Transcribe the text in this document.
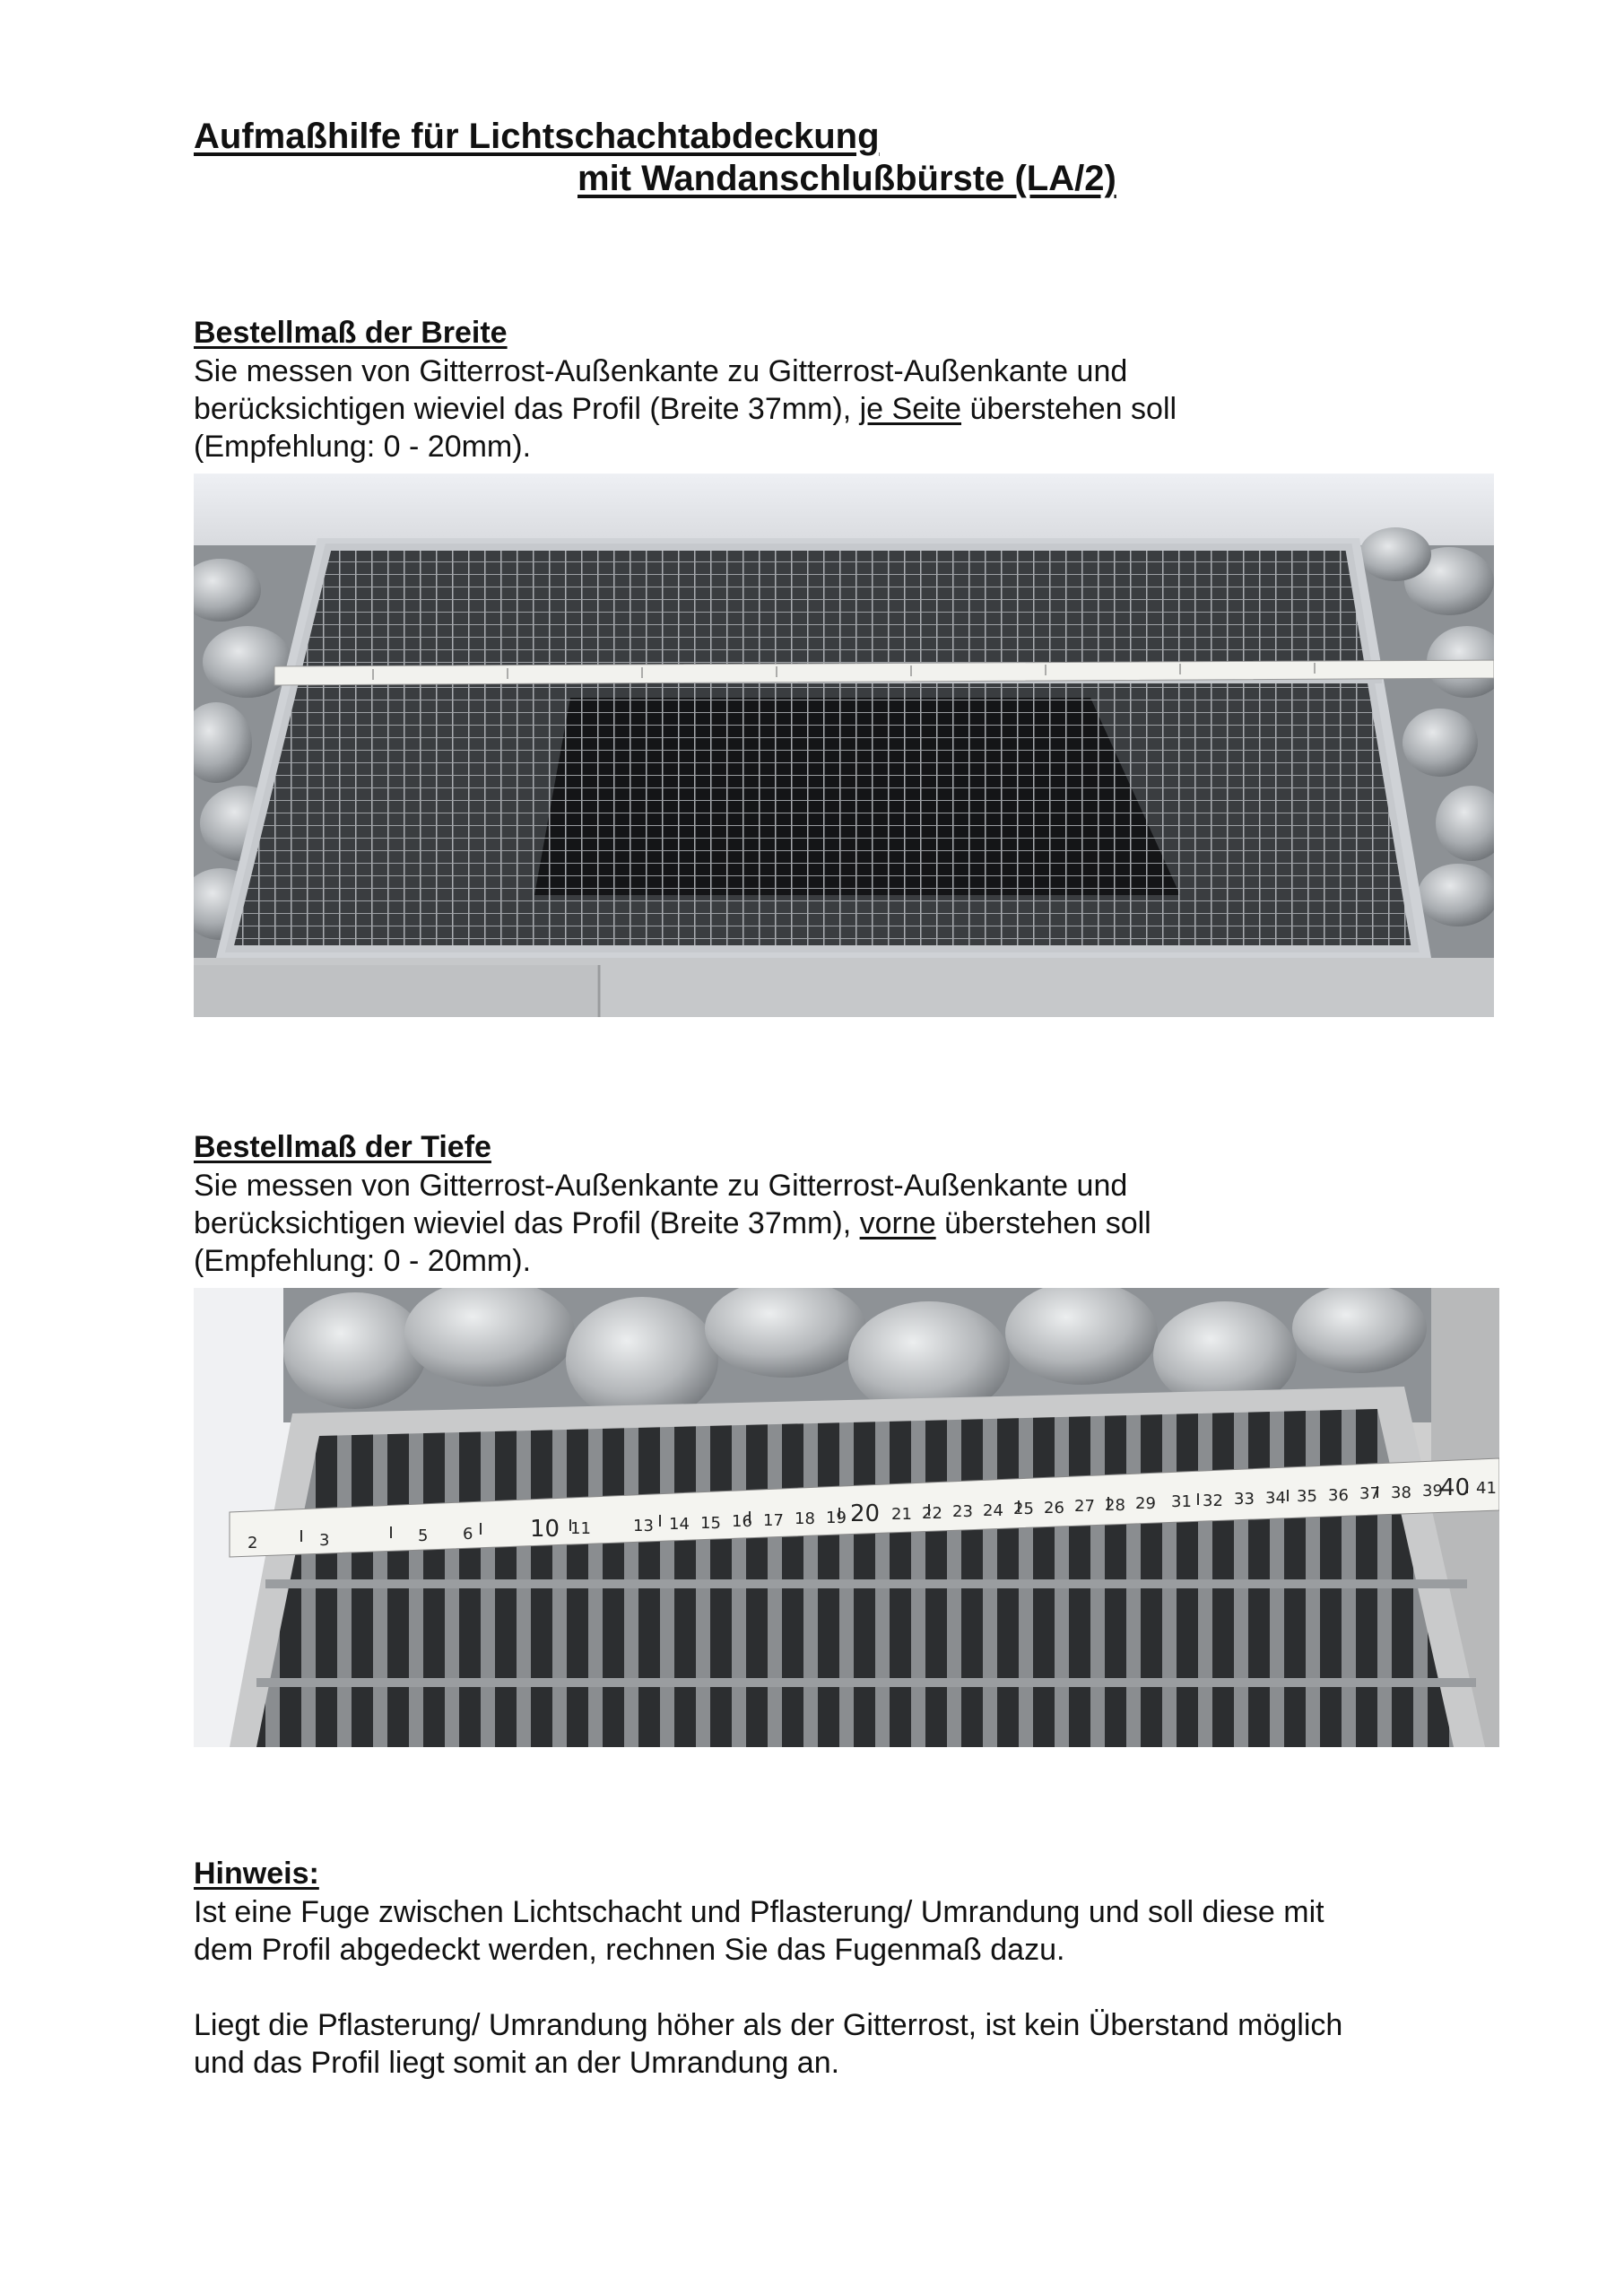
Aufmaßhilfe für Lichtschachtabdeckung
mit Wandanschlußbürste (LA/2)
Bestellmaß der Breite
Sie messen von Gitterrost-Außenkante zu Gitterrost-Außenkante und
berücksichtigen wieviel das Profil (Breite 37mm), je Seite überstehen soll
(Empfehlung: 0 - 20mm).
Bestellmaß der Tiefe
Sie messen von Gitterrost-Außenkante zu Gitterrost-Außenkante und
berücksichtigen wieviel das Profil (Breite 37mm), vorne überstehen soll
(Empfehlung: 0 - 20mm).
2	3	5 6 10 11	13 14 15 16 17 18 19 20 21 22 23 24 25 26 27 28 29 31 32 33 34 35 36 37 38 39
40 41
Hinweis:
Ist eine Fuge zwischen Lichtschacht und Pflasterung/ Umrandung und soll diese mit
dem Profil abgedeckt werden, rechnen Sie das Fugenmaß dazu.
Liegt die Pflasterung/ Umrandung höher als der Gitterrost, ist kein Überstand möglich
und das Profil liegt somit an der Umrandung an.
